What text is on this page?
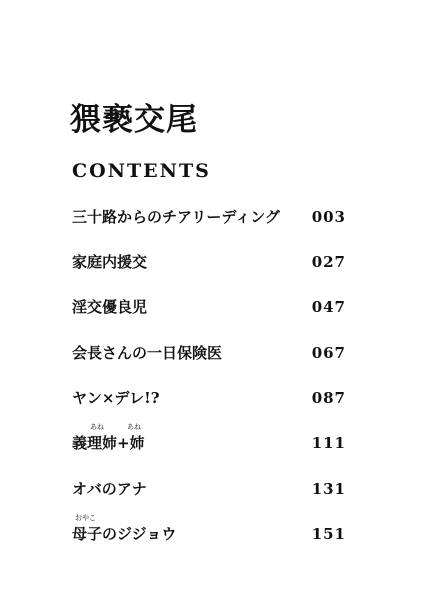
猥褻交尾
CONTENTS
三十路からのチアリーディング 003
家庭内援交	027
淫交優良児	047
会長さんの一日保険医	067
ヤン×デレ!?	087
あね	あね
義理姉+姉	111
オバのアナ	131
おやこ
母子のジジョウ	151
